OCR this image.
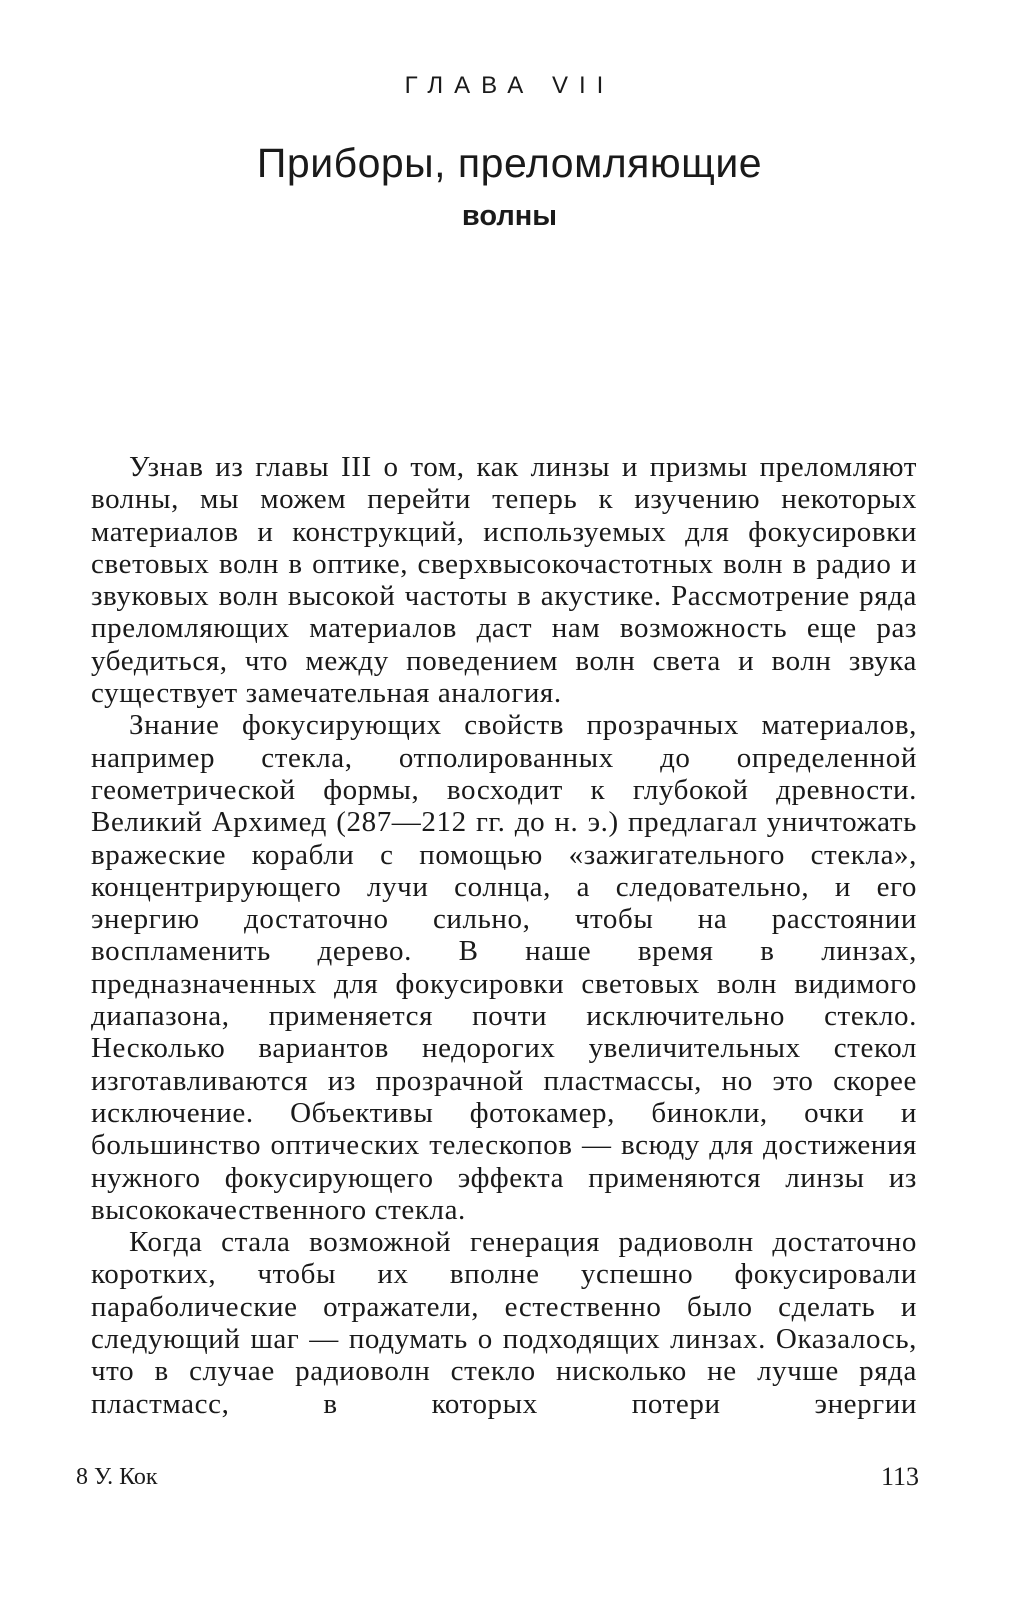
ГЛАВА VII
Приборы, преломляющие
волны

Узнав из главы III о том, как линзы и призмы преломляют волны, мы можем перейти теперь к изучению некоторых материалов и конструкций, используемых для фокусировки световых волн в оптике, сверхвысокочастотных волн в радио и звуковых волн высокой частоты в акустике. Рассмотрение ряда преломляющих материалов даст нам возможность еще раз убедиться, что между поведением волн света и волн звука существует замечательная аналогия.

Знание фокусирующих свойств прозрачных материалов, например стекла, отполированных до определенной геометрической формы, восходит к глубокой древности. Великий Архимед (287—212 гг. до н. э.) предлагал уничтожать вражеские корабли с помощью «зажигательного стекла», концентрирующего лучи солнца, а следовательно, и его энергию достаточно сильно, чтобы на расстоянии воспламенить дерево. В наше время в линзах, предназначенных для фокусировки световых волн видимого диапазона, применяется почти исключительно стекло. Несколько вариантов недорогих увеличительных стекол изготавливаются из прозрачной пластмассы, но это скорее исключение. Объективы фотокамер, бинокли, очки и большинство оптических телескопов — всюду для достижения нужного фокусирующего эффекта применяются линзы из высококачественного стекла.

Когда стала возможной генерация радиоволн достаточно коротких, чтобы их вполне успешно фокусировали параболические отражатели, естественно было сделать и следующий шаг — подумать о подходящих линзах. Оказалось, что в случае радиоволн стекло нисколько не лучше ряда пластмасс, в которых потери энергии

8 У. Кок	113
